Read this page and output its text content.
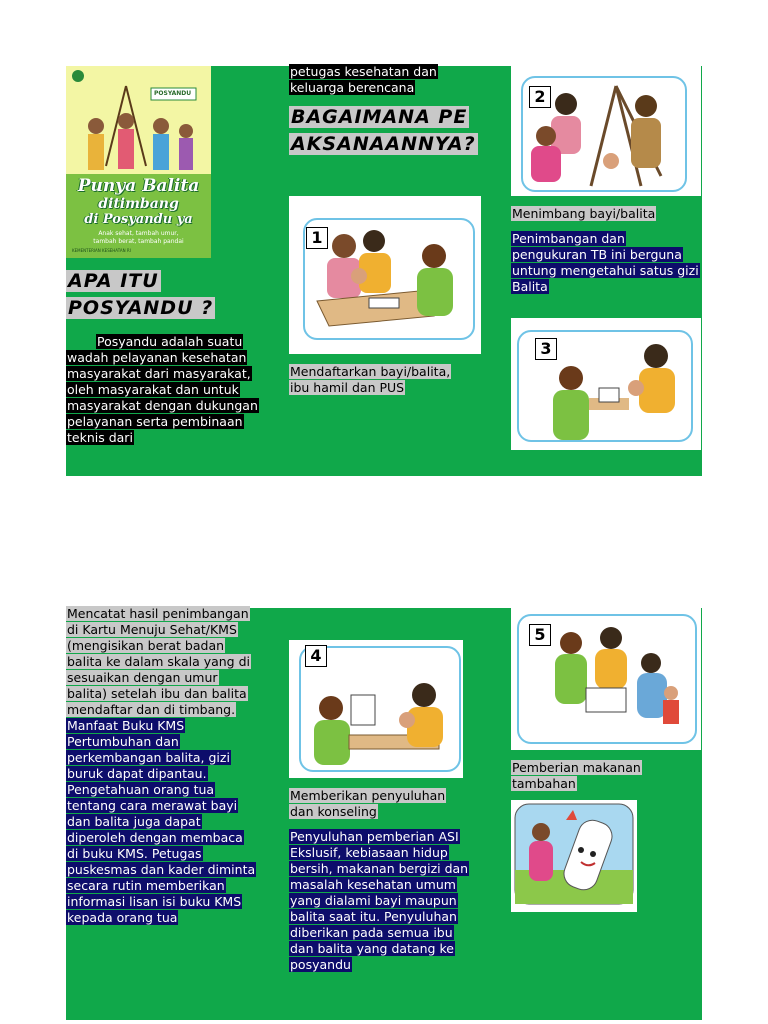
POSYANDU
Punya Balita
ditimbang
di Posyandu ya
Anak sehat, tambah umur, tambah berat, tambah pandai
KEMENTERIAN KESEHATAN RI
APA ITU POSYANDU ?
Posyandu adalah suatu wadah pelayanan kesehatan masyarakat dari masyarakat, oleh masyarakat dan untuk masyarakat dengan dukungan pelayanan serta pembinaan teknis dari
petugas kesehatan dan keluarga berencana
BAGAIMANA PEAKSANAANNYA?
1
Mendaftarkan bayi/balita, ibu hamil dan PUS
2
Menimbang bayi/balita
Penimbangan dan pengukuran TB ini berguna untung mengetahui satus gizi Balita
3
Mencatat hasil penimbangan di Kartu Menuju Sehat/KMS (mengisikan berat badan balita ke dalam skala yang di sesuaikan dengan umur balita) setelah ibu dan balita mendaftar dan di timbang. Manfaat Buku KMS Pertumbuhan dan perkembangan balita, gizi buruk dapat dipantau. Pengetahuan orang tua tentang cara merawat bayi dan balita juga dapat diperoleh dengan membaca di buku KMS. Petugas puskesmas dan kader diminta secara rutin memberikan informasi lisan isi buku KMS kepada orang tua
4
Memberikan penyuluhan dan konseling
Penyuluhan pemberian ASI Ekslusif, kebiasaan hidup bersih, makanan bergizi dan masalah kesehatan umum yang dialami bayi maupun balita saat itu. Penyuluhan diberikan pada semua ibu dan balita yang datang ke posyandu
5
Pemberian makanan tambahan
